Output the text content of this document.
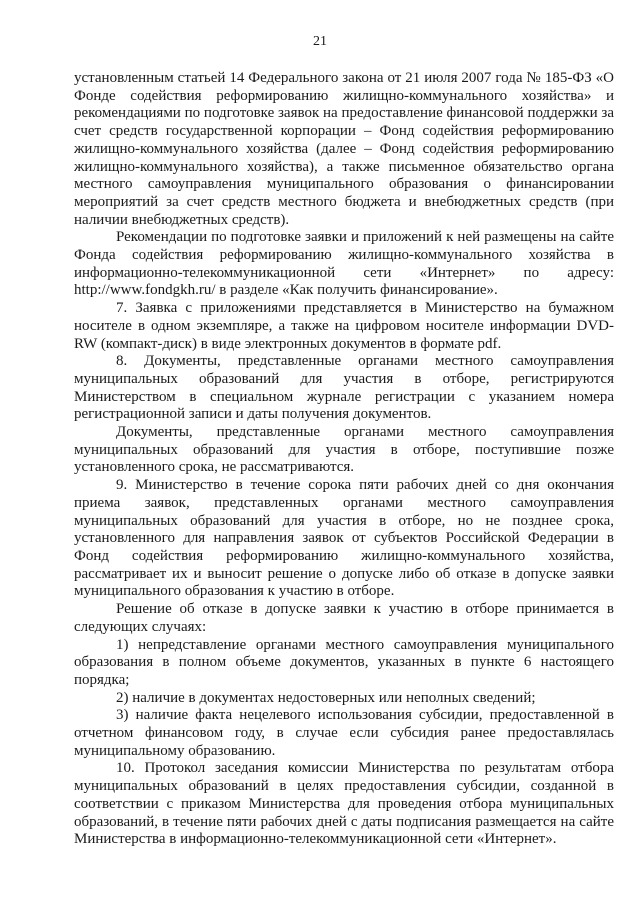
21

установленным статьей 14 Федерального закона от 21 июля 2007 года № 185-ФЗ «О Фонде содействия реформированию жилищно-коммунального хозяйства» и рекомендациями по подготовке заявок на предоставление финансовой поддержки за счет средств государственной корпорации – Фонд содействия реформированию жилищно-коммунального хозяйства (далее – Фонд содействия реформированию жилищно-коммунального хозяйства), а также письменное обязательство органа местного самоуправления муниципального образования о финансировании мероприятий за счет средств местного бюджета и внебюджетных средств (при наличии внебюджетных средств).

Рекомендации по подготовке заявки и приложений к ней размещены на сайте Фонда содействия реформированию жилищно-коммунального хозяйства в информационно-телекоммуникационной сети «Интернет» по адресу: http://www.fondgkh.ru/ в разделе «Как получить финансирование».

7. Заявка с приложениями представляется в Министерство на бумажном носителе в одном экземпляре, а также на цифровом носителе информации DVD-RW (компакт-диск) в виде электронных документов в формате pdf.

8. Документы, представленные органами местного самоуправления муниципальных образований для участия в отборе, регистрируются Министерством в специальном журнале регистрации с указанием номера регистрационной записи и даты получения документов.

Документы, представленные органами местного самоуправления муниципальных образований для участия в отборе, поступившие позже установленного срока, не рассматриваются.

9. Министерство в течение сорока пяти рабочих дней со дня окончания приема заявок, представленных органами местного самоуправления муниципальных образований для участия в отборе, но не позднее срока, установленного для направления заявок от субъектов Российской Федерации в Фонд содействия реформированию жилищно-коммунального хозяйства, рассматривает их и выносит решение о допуске либо об отказе в допуске заявки муниципального образования к участию в отборе.

Решение об отказе в допуске заявки к участию в отборе принимается в следующих случаях:

1) непредставление органами местного самоуправления муниципального образования в полном объеме документов, указанных в пункте 6 настоящего порядка;

2) наличие в документах недостоверных или неполных сведений;

3) наличие факта нецелевого использования субсидии, предоставленной в отчетном финансовом году, в случае если субсидия ранее предоставлялась муниципальному образованию.

10. Протокол заседания комиссии Министерства по результатам отбора муниципальных образований в целях предоставления субсидии, созданной в соответствии с приказом Министерства для проведения отбора муниципальных образований, в течение пяти рабочих дней с даты подписания размещается на сайте Министерства в информационно-телекоммуникационной сети «Интернет».
